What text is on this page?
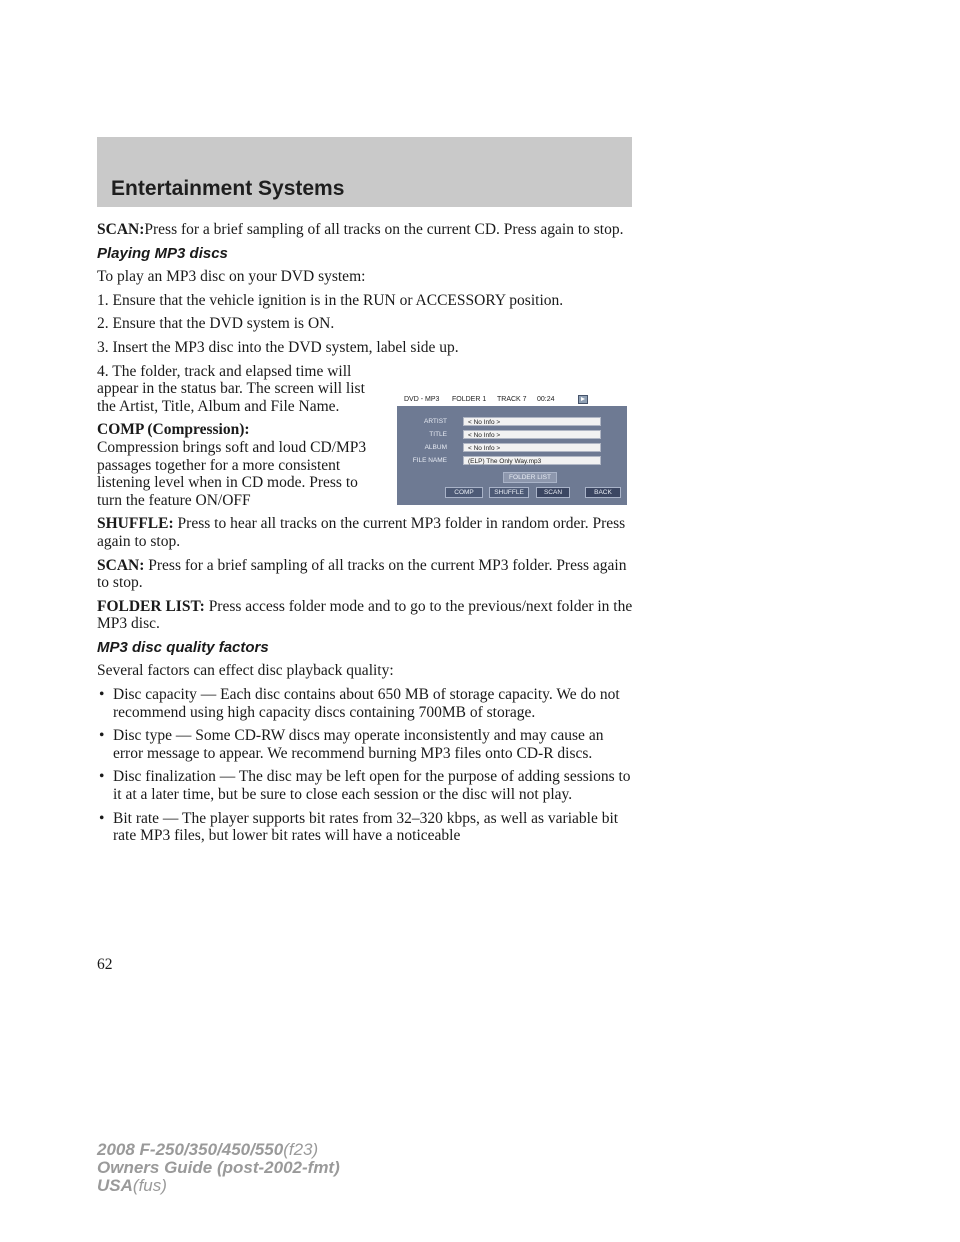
Entertainment Systems

SCAN:Press for a brief sampling of all tracks on the current CD. Press again to stop.

Playing MP3 discs

To play an MP3 disc on your DVD system:

1. Ensure that the vehicle ignition is in the RUN or ACCESSORY position.

2. Ensure that the DVD system is ON.

3. Insert the MP3 disc into the DVD system, label side up.

4. The folder, track and elapsed time will appear in the status bar. The screen will list the Artist, Title, Album and File Name.

COMP (Compression):
Compression brings soft and loud CD/MP3 passages together for a more consistent listening level when in CD mode. Press to turn the feature ON/OFF

SHUFFLE: Press to hear all tracks on the current MP3 folder in random order. Press again to stop.

SCAN: Press for a brief sampling of all tracks on the current MP3 folder. Press again to stop.

FOLDER LIST: Press access folder mode and to go to the previous/next folder in the MP3 disc.

MP3 disc quality factors

Several factors can effect disc playback quality:

• Disc capacity — Each disc contains about 650 MB of storage capacity. We do not recommend using high capacity discs containing 700MB of storage.
• Disc type — Some CD-RW discs may operate inconsistently and may cause an error message to appear. We recommend burning MP3 files onto CD-R discs.
• Disc finalization — The disc may be left open for the purpose of adding sessions to it at a later time, but be sure to close each session or the disc will not play.
• Bit rate — The player supports bit rates from 32–320 kbps, as well as variable bit rate MP3 files, but lower bit rates will have a noticeable
DVD - MP3 FOLDER 1 TRACK 7 00:24
ARTIST	< No Info >
TITLE	< No Info >
ALBUM	< No Info >
FILE NAME	(ELP) The Only Way.mp3
FOLDER LIST
COMP	SHUFFLE	SCAN	BACK
62
2008 F-250/350/450/550(f23)
Owners Guide (post-2002-fmt)
USA(fus)
